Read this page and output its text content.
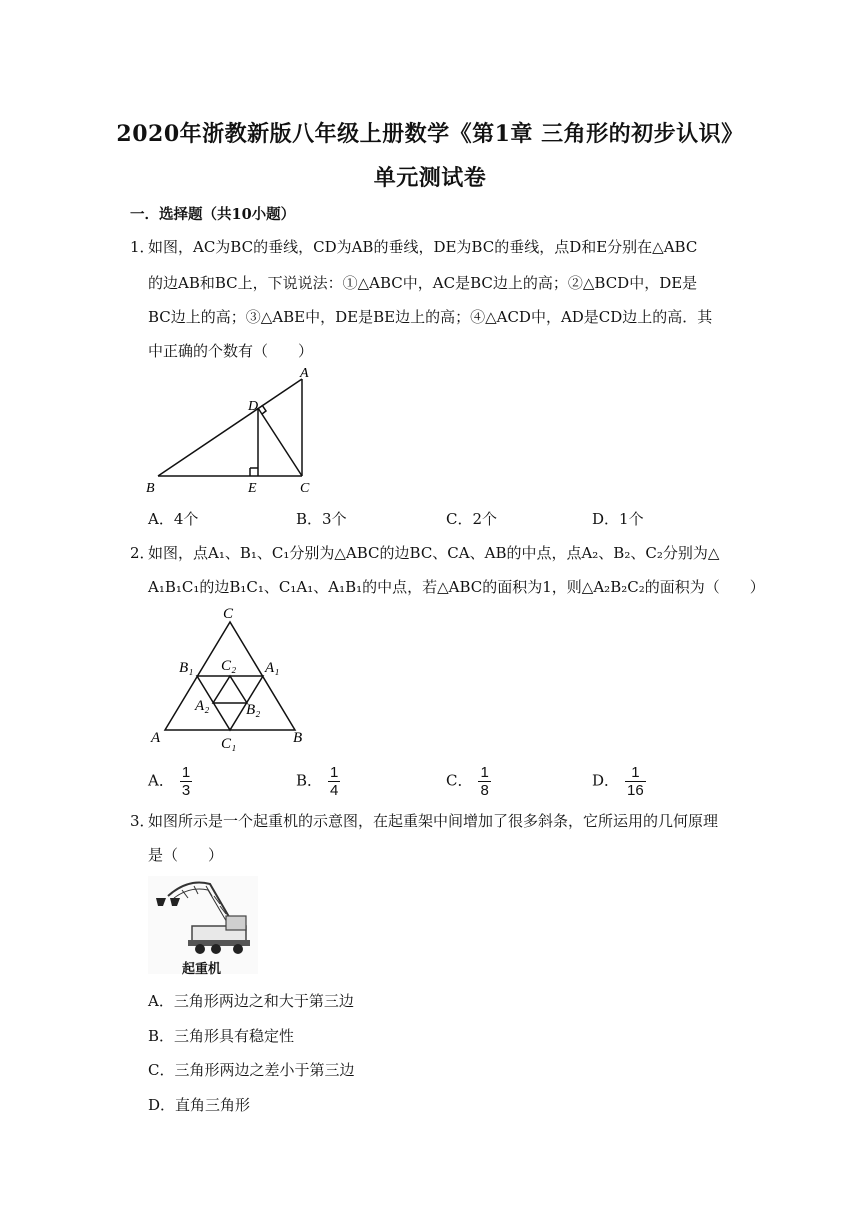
2020年浙教新版八年级上册数学《第1章 三角形的初步认识》
单元测试卷
一．选择题（共10小题）
1．
如图，AC为BC的垂线，CD为AB的垂线，DE为BC的垂线，点D和E分别在△ABC
的边AB和BC上，下说说法：①△ABC中，AC是BC边上的高；②△BCD中，DE是
BC边上的高；③△ABE中，DE是BE边上的高；④△ACD中，AD是CD边上的高．其
中正确的个数有（　　）
A
D
B	E	C
A．4个	B．3个	C．2个	D．1个
2．
如图，点A₁、B₁、C₁分别为△ABC的边BC、CA、AB的中点，点A₂、B₂、C₂分别为△
A₁B₁C₁的边B₁C₁、C₁A₁、A₁B₁的中点，若△ABC的面积为1，则△A₂B₂C₂的面积为（　　）
C
B₁ C₂ A₁
A₂ B₂
A	C₁	B
A． $\frac{1}{3}$	B． $\frac{1}{4}$	C． $\frac{1}{8}$	D． $\frac{1}{16}$
3．
如图所示是一个起重机的示意图，在起重架中间增加了很多斜条，它所运用的几何原理
是（　　）
起重机
A．三角形两边之和大于第三边
B．三角形具有稳定性
C．三角形两边之差小于第三边
D．直角三角形
